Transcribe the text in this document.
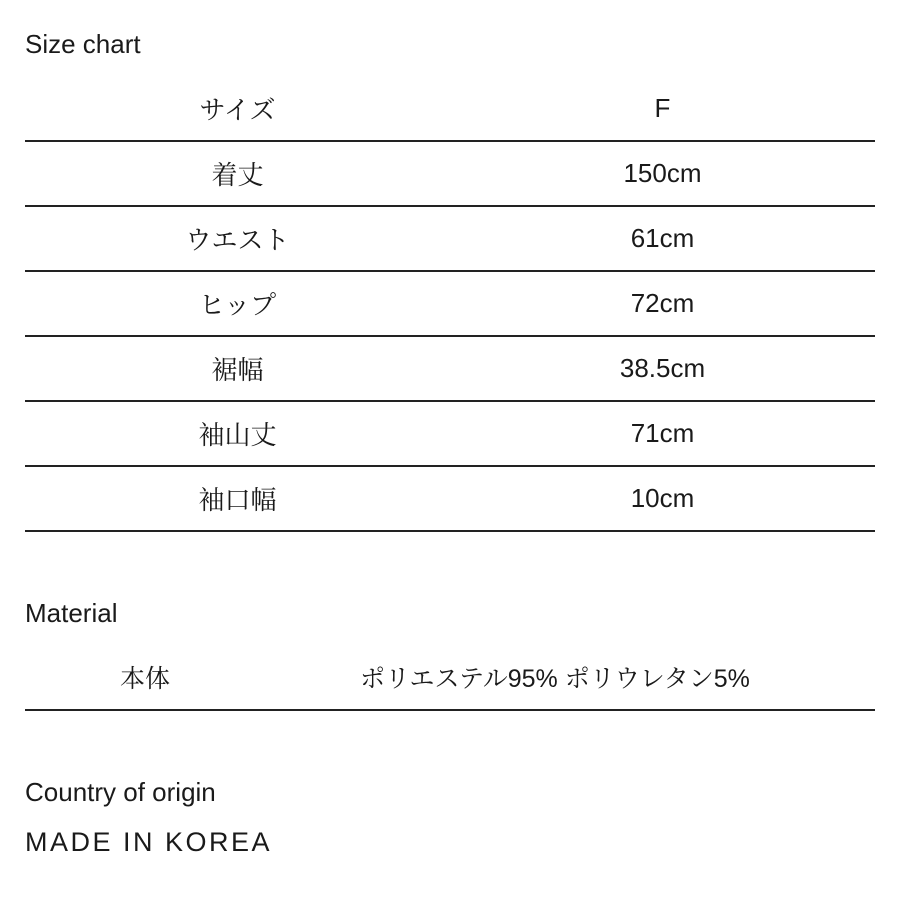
Size chart
サイズ	F
着丈	150cm
ウエスト	61cm
ヒップ	72cm
裾幅	38.5cm
袖山丈	71cm
袖口幅	10cm
Material
本体	ポリエステル95% ポリウレタン5%
Country of origin

MADE IN KOREA
